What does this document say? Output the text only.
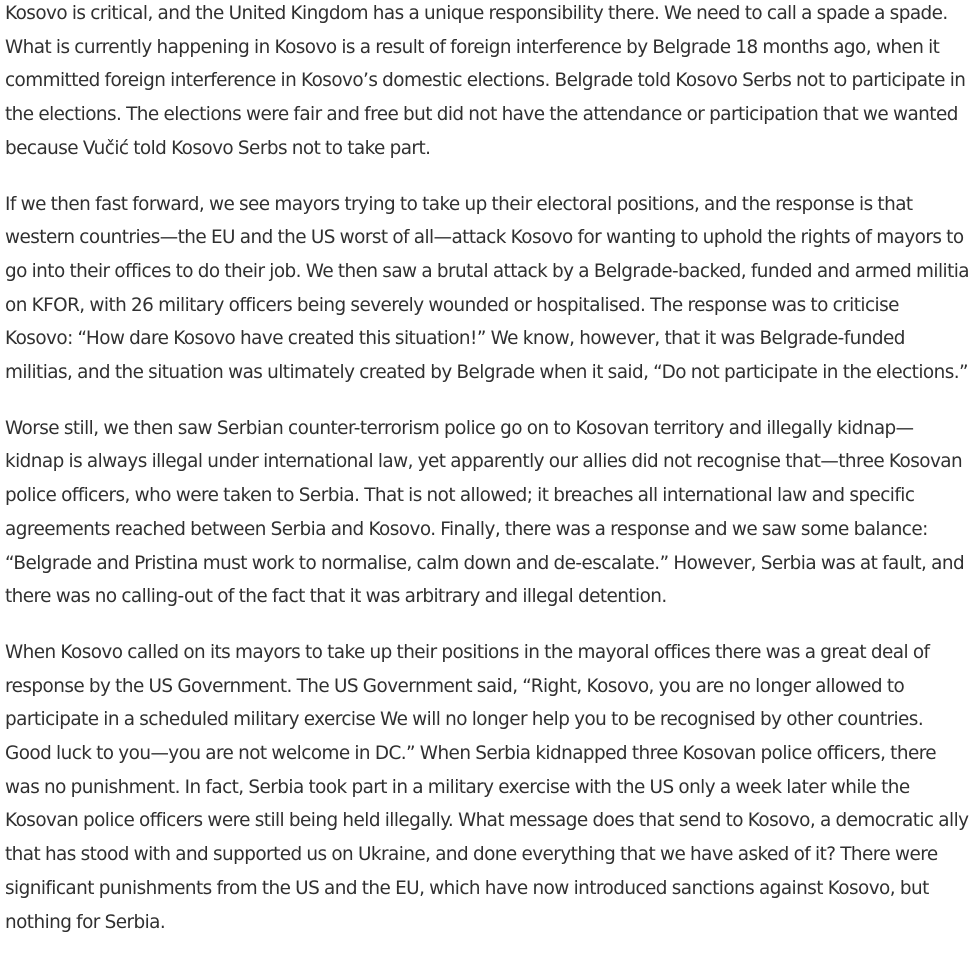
Kosovo is critical, and the United Kingdom has a unique responsibility there. We need to call a spade a spade. What is currently happening in Kosovo is a result of foreign interference by Belgrade 18 months ago, when it committed foreign interference in Kosovo’s domestic elections. Belgrade told Kosovo Serbs not to participate in the elections. The elections were fair and free but did not have the attendance or participation that we wanted because Vučić told Kosovo Serbs not to take part.

If we then fast forward, we see mayors trying to take up their electoral positions, and the response is that western countries—the EU and the US worst of all—attack Kosovo for wanting to uphold the rights of mayors to go into their offices to do their job. We then saw a brutal attack by a Belgrade-backed, funded and armed militia on KFOR, with 26 military officers being severely wounded or hospitalised. The response was to criticise Kosovo: “How dare Kosovo have created this situation!” We know, however, that it was Belgrade-funded militias, and the situation was ultimately created by Belgrade when it said, “Do not participate in the elections.”

Worse still, we then saw Serbian counter-terrorism police go on to Kosovan territory and illegally kidnap—kidnap is always illegal under international law, yet apparently our allies did not recognise that—three Kosovan police officers, who were taken to Serbia. That is not allowed; it breaches all international law and specific agreements reached between Serbia and Kosovo. Finally, there was a response and we saw some balance: “Belgrade and Pristina must work to normalise, calm down and de-escalate.” However, Serbia was at fault, and there was no calling-out of the fact that it was arbitrary and illegal detention.

When Kosovo called on its mayors to take up their positions in the mayoral offices there was a great deal of response by the US Government. The US Government said, “Right, Kosovo, you are no longer allowed to participate in a scheduled military exercise We will no longer help you to be recognised by other countries. Good luck to you—you are not welcome in DC.” When Serbia kidnapped three Kosovan police officers, there was no punishment. In fact, Serbia took part in a military exercise with the US only a week later while the Kosovan police officers were still being held illegally. What message does that send to Kosovo, a democratic ally that has stood with and supported us on Ukraine, and done everything that we have asked of it? There were significant punishments from the US and the EU, which have now introduced sanctions against Kosovo, but nothing for Serbia.
